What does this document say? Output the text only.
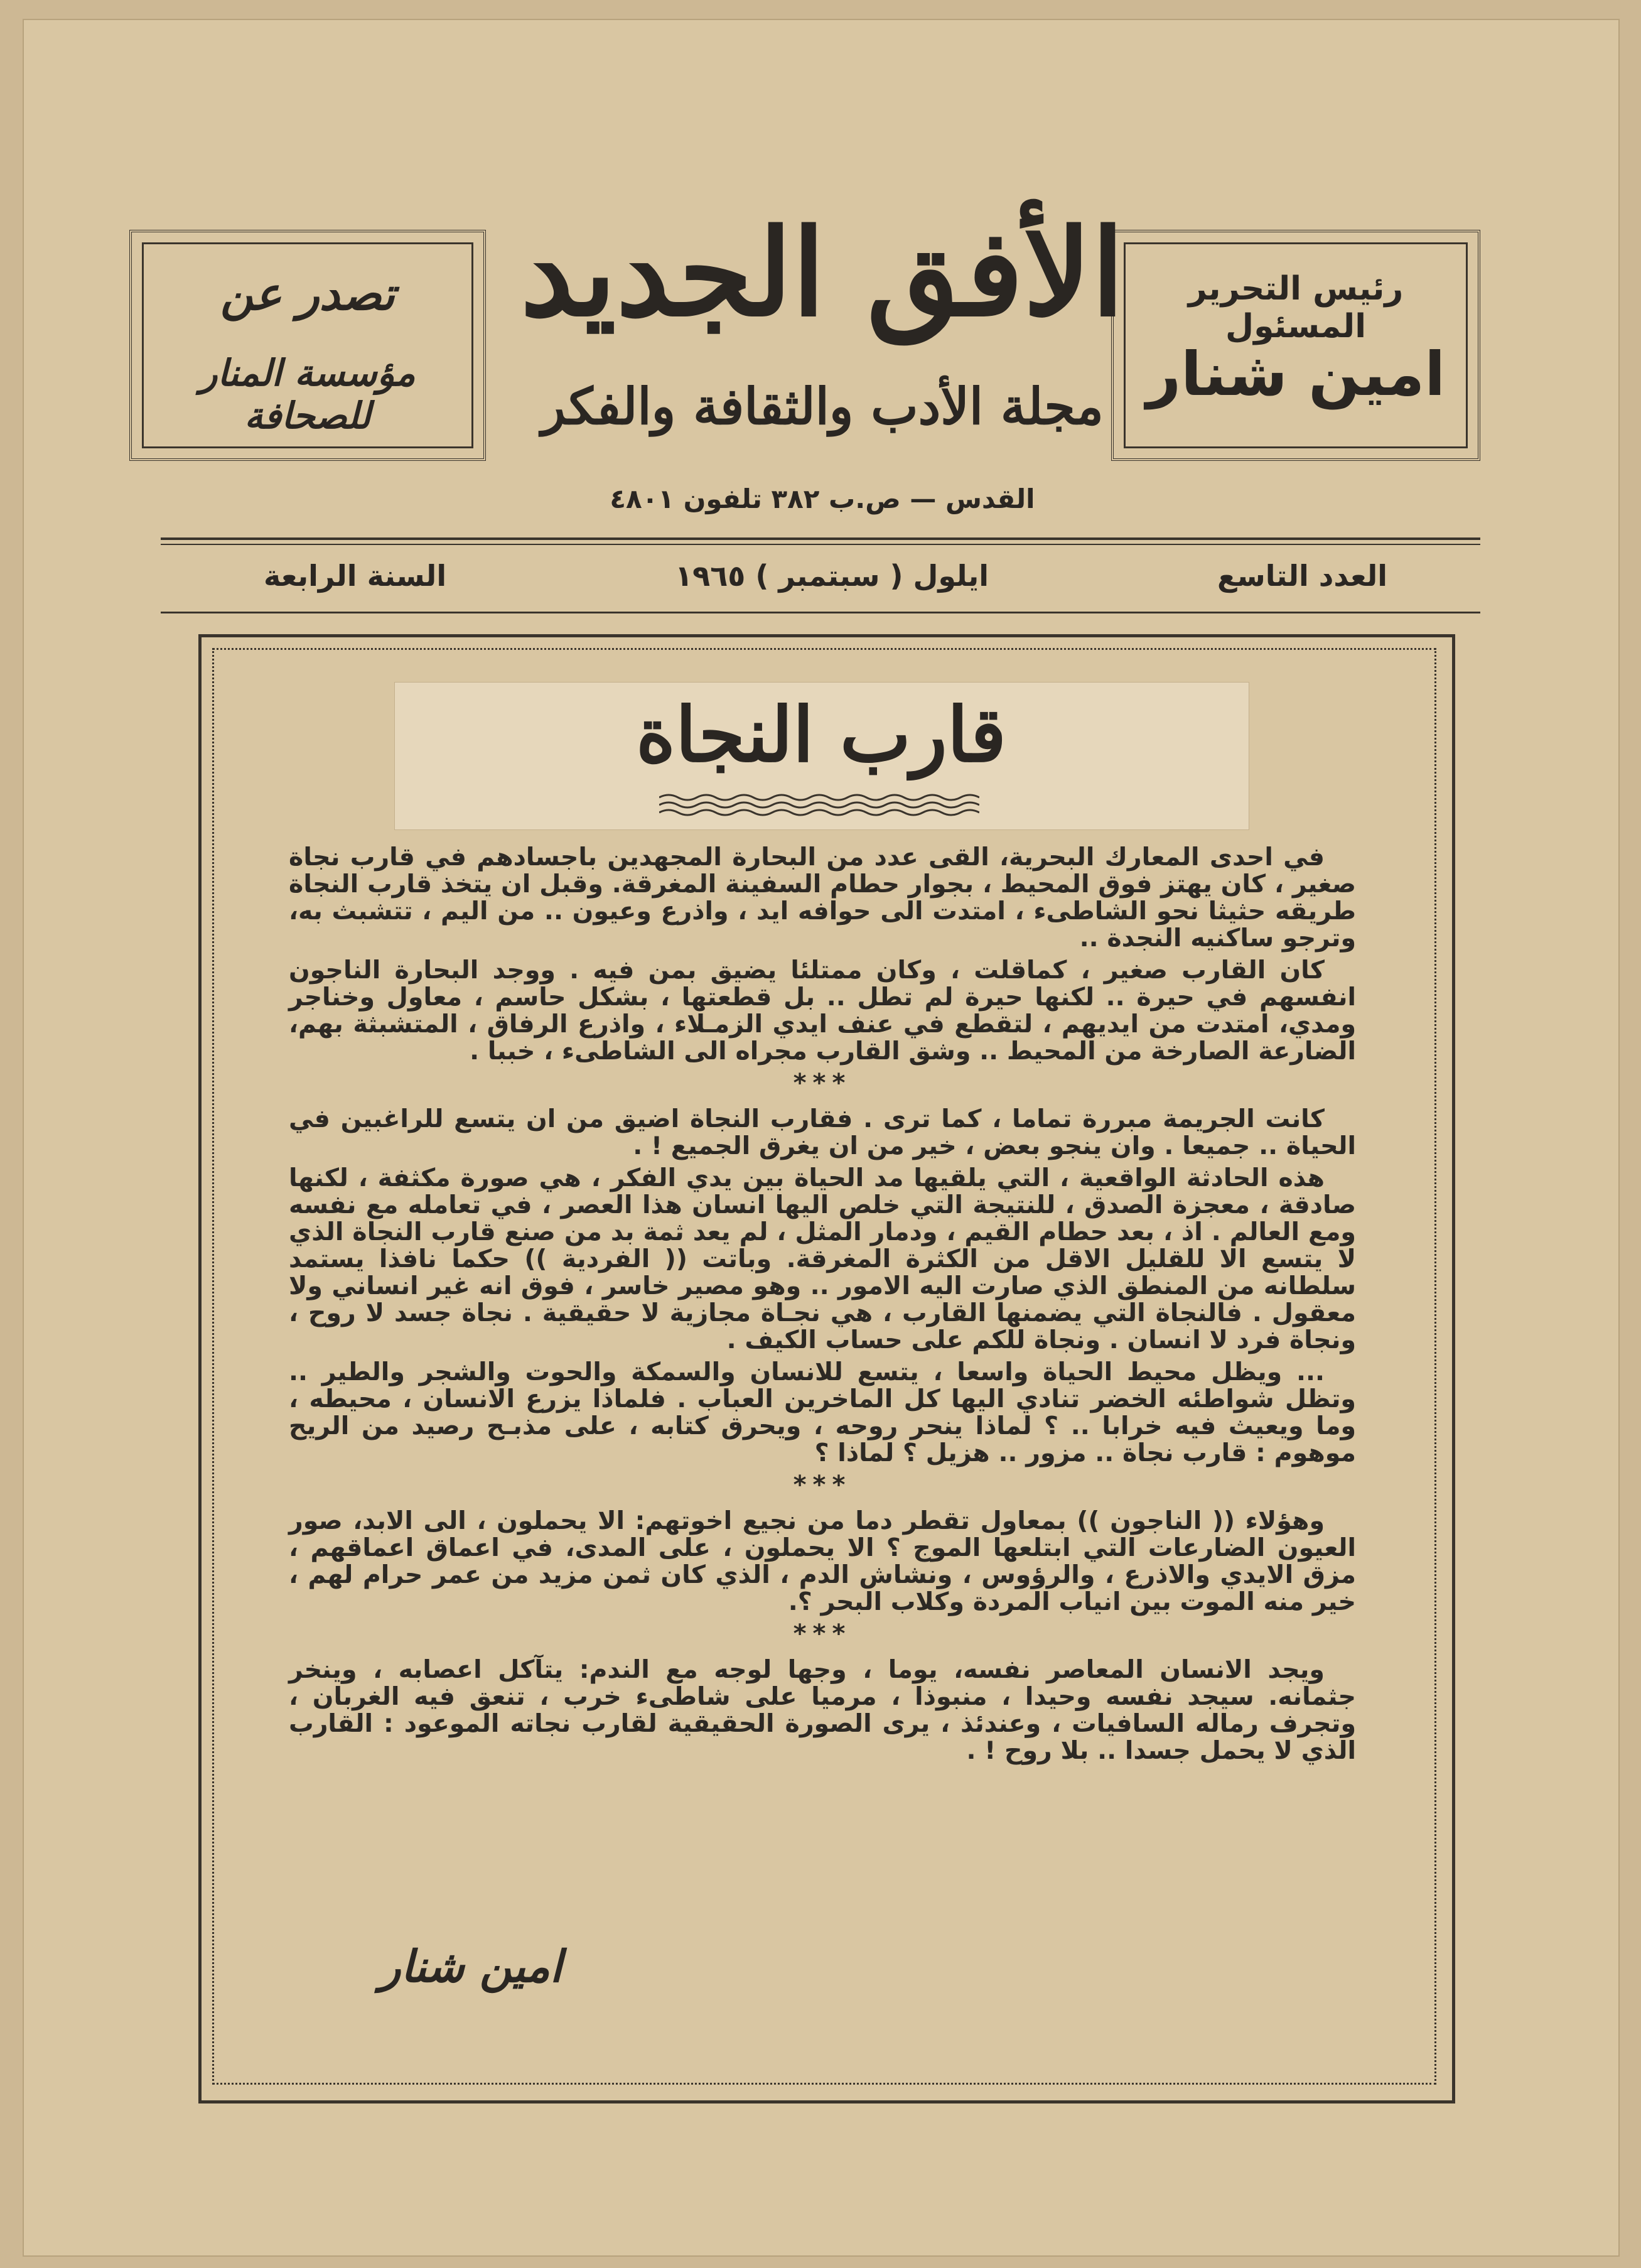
رئيس التحرير المسئول
امين شنار
تصدر عن
مؤسسة المنار للصحافة
الأفق الجديد
مجلة الأدب والثقافة والفكر
القدس — ص.ب ٣٨٢ تلفون ٤٨٠١
العدد التاسع
ايلول ( سبتمبر ) ١٩٦٥
السنة الرابعة
قارب النجاة

في احدى المعارك البحرية، القى عدد من البحارة المجهدين باجسادهم في قارب نجاة صغير ، كان يهتز فوق المحيط ، بجوار حطام السفينة المغرقة. وقبل ان يتخذ قارب النجاة طريقه حثيثا نحو الشاطىء ، امتدت الى حوافه ايد ، واذرع وعيون .. من اليم ، تتشبث به، وترجو ساكنيه النجدة ..

كان القارب صغير ، كماقلت ، وكان ممتلئا يضيق بمن فيه . ووجد البحارة الناجون انفسهم في حيرة .. لكنها حيرة لم تطل .. بل قطعتها ، بشكل حاسم ، معاول وخناجر ومدي، امتدت من ايديهم ، لتقطع في عنف ايدي الزمـلاء ، واذرع الرفاق ، المتشبثة بهم، الضارعة الصارخة من المحيط .. وشق القارب مجراه الى الشاطىء ، خببا .

***

كانت الجريمة مبررة تماما ، كما ترى . فقارب النجاة اضيق من ان يتسع للراغبين في الحياة .. جميعا . وان ينجو بعض ، خير من ان يغرق الجميع ! .

هذه الحادثة الواقعية ، التي يلقيها مد الحياة بين يدي الفكر ، هي صورة مكثفة ، لكنها صادقة ، معجزة الصدق ، للنتيجة التي خلص اليها انسان هذا العصر ، في تعامله مع نفسه ومع العالم . اذ ، بعد حطام القيم ، ودمار المثل ، لم يعد ثمة بد من صنع قارب النجاة الذي لا يتسع الا للقليل الاقل من الكثرة المغرقة. وباتت (( الفردية )) حكما نافذا يستمد سلطانه من المنطق الذي صارت اليه الامور .. وهو مصير خاسر ، فوق انه غير انساني ولا معقول . فالنجاة التي يضمنها القارب ، هي نجـاة مجازية لا حقيقية . نجاة جسد لا روح ، ونجاة فرد لا انسان . ونجاة للكم على حساب الكيف .

... ويظل محيط الحياة واسعا ، يتسع للانسان والسمكة والحوت والشجر والطير .. وتظل شواطئه الخضر تنادي اليها كل الماخرين العباب . فلماذا يزرع الانسان ، محيطه ، وما ويعيث فيه خرابا .. ؟ لماذا ينحر روحه ، ويحرق كتابه ، على مذبـح رصيد من الريح موهوم : قارب نجاة .. مزور .. هزيل ؟ لماذا ؟

***

وهؤلاء (( الناجون )) بمعاول تقطر دما من نجيع اخوتهم: الا يحملون ، الى الابد، صور العيون الضارعات التي ابتلعها الموج ؟ الا يحملون ، على المدى، في اعماق اعماقهم ، مزق الايدي والاذرع ، والرؤوس ، ونشاش الدم ، الذي كان ثمن مزيد من عمر حرام لهم ، خير منه الموت بين انياب المردة وكلاب البحر ؟.

***

ويجد الانسان المعاصر نفسه، يوما ، وجها لوجه مع الندم: يتآكل اعصابه ، وينخر جثمانه. سيجد نفسه وحيدا ، منبوذا ، مرميا على شاطىء خرب ، تنعق فيه الغربان ، وتجرف رماله السافيات ، وعندئذ ، يرى الصورة الحقيقية لقارب نجاته الموعود : القارب الذي لا يحمل جسدا .. بلا روح ! .

امين شنار
